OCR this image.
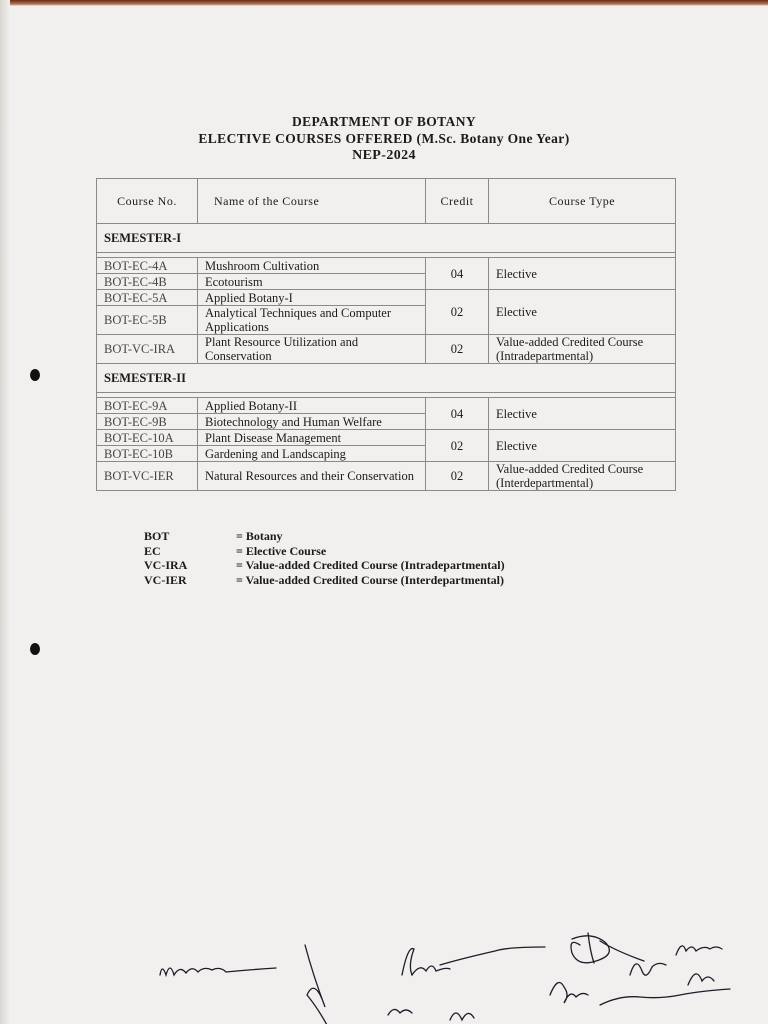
DEPARTMENT OF BOTANY
ELECTIVE COURSES OFFERED (M.Sc. Botany One Year)
NEP-2024
Course No.	Name of the Course	Credit	Course Type
SEMESTER-I			

BOT-EC-4A	Mushroom Cultivation	04	Elective
BOT-EC-4B	Ecotourism		
BOT-EC-5A	Applied Botany-I	02	Elective
BOT-EC-5B	Analytical Techniques and Computer Applications		
BOT-VC-IRA	Plant Resource Utilization and Conservation	02	Value-added Credited Course (Intradepartmental)
SEMESTER-II			

BOT-EC-9A	Applied Botany-II	04	Elective
BOT-EC-9B	Biotechnology and Human Welfare		
BOT-EC-10A	Plant Disease Management	02	Elective
BOT-EC-10B	Gardening and Landscaping		
BOT-VC-IER	Natural Resources and their Conservation	02	Value-added Credited Course (Interdepartmental)
BOT	= Botany
EC	= Elective Course
VC-IRA	= Value-added Credited Course (Intradepartmental)
VC-IER	= Value-added Credited Course (Interdepartmental)
